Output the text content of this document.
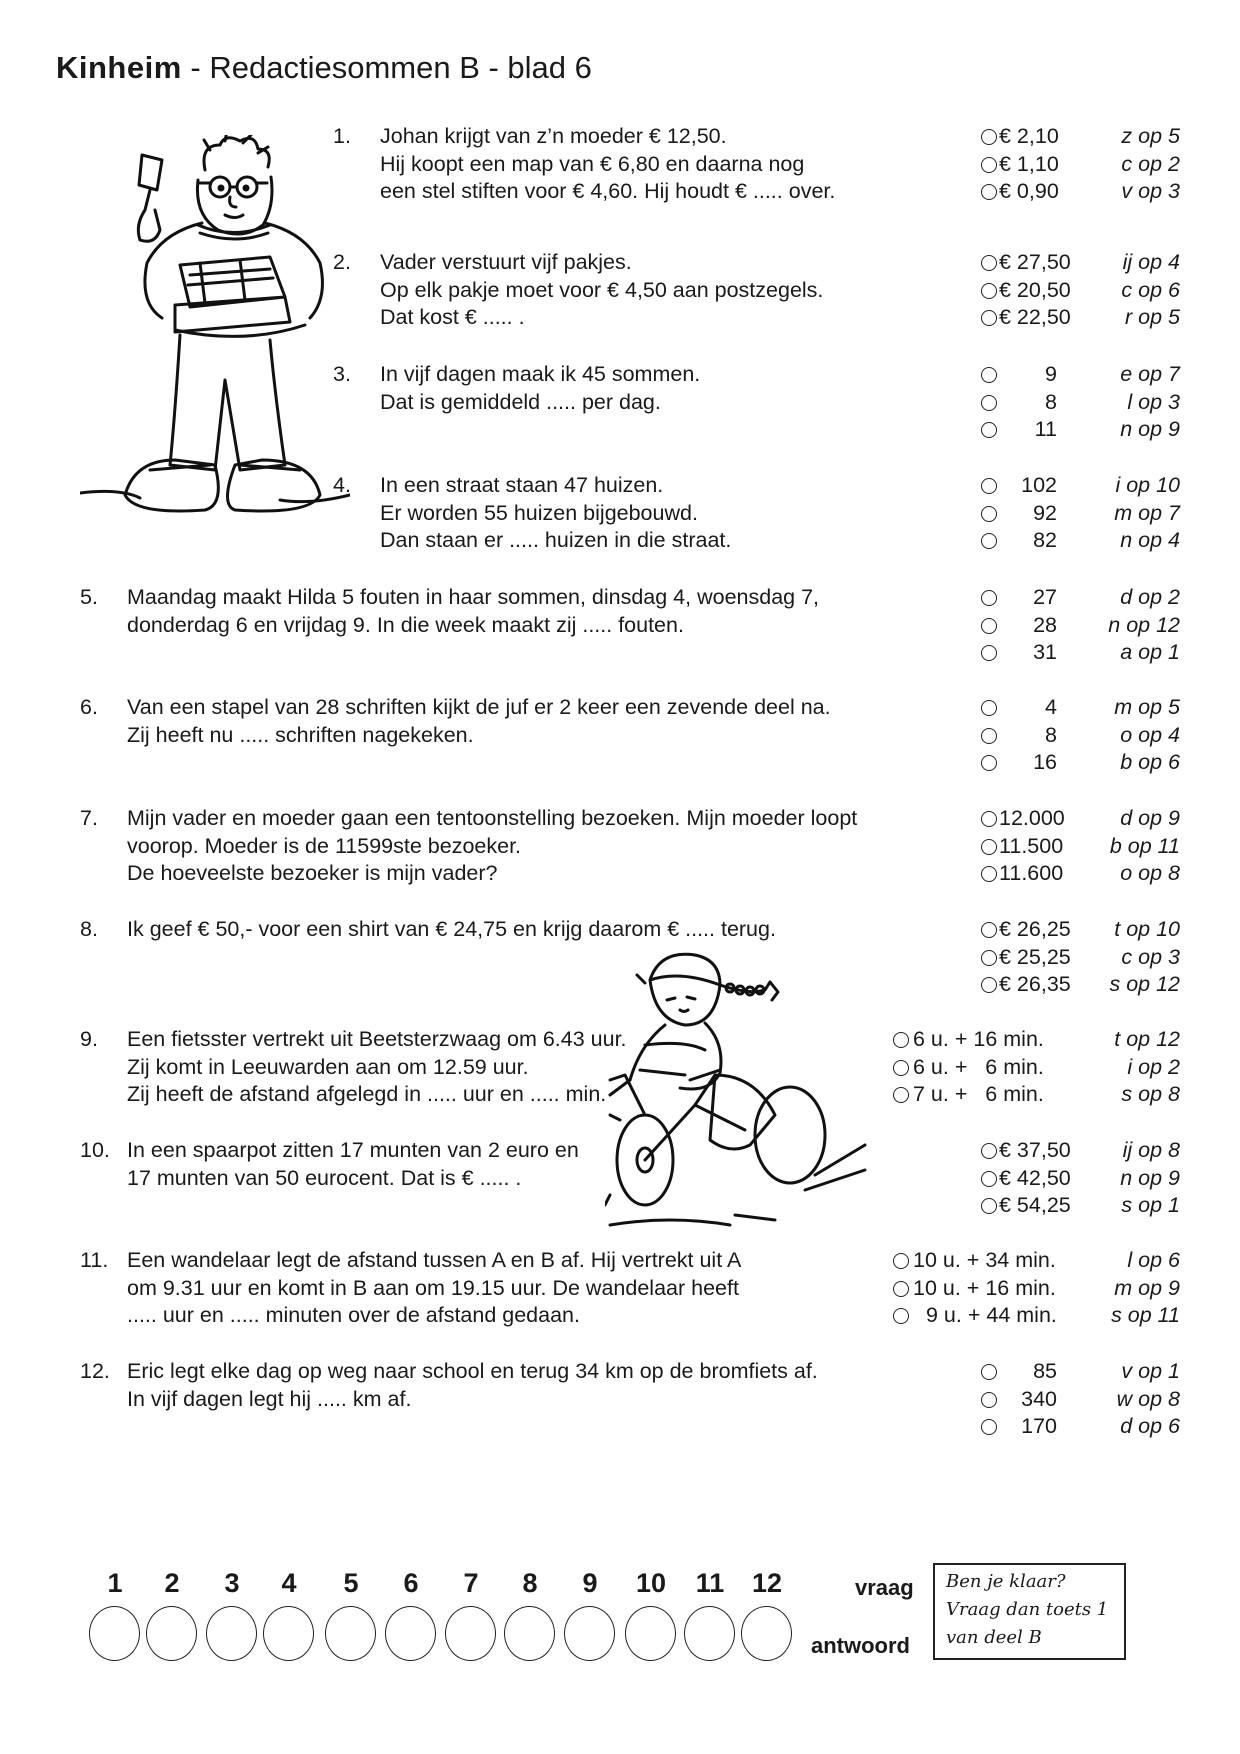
Kinheim - Redactiesommen B - blad 6
1. Johan krijgt van z’n moeder € 12,50.
Hij koopt een map van € 6,80 en daarna nog
een stel stiften voor € 4,60. Hij houdt € ..... over.
2. Vader verstuurt vijf pakjes.
Op elk pakje moet voor € 4,50 aan postzegels.
Dat kost € ..... .
3. In vijf dagen maak ik 45 sommen.
Dat is gemiddeld ..... per dag.
4. In een straat staan 47 huizen.
Er worden 55 huizen bijgebouwd.
Dan staan er ..... huizen in die straat.
5. Maandag maakt Hilda 5 fouten in haar sommen, dinsdag 4, woensdag 7,
donderdag 6 en vrijdag 9. In die week maakt zij ..... fouten.
6. Van een stapel van 28 schriften kijkt de juf er 2 keer een zevende deel na.
Zij heeft nu ..... schriften nagekeken.
7. Mijn vader en moeder gaan een tentoonstelling bezoeken. Mijn moeder loopt
voorop. Moeder is de 11599ste bezoeker.
De hoeveelste bezoeker is mijn vader?
8. Ik geef € 50,- voor een shirt van € 24,75 en krijg daarom € ..... terug.
9. Een fietsster vertrekt uit Beetsterzwaag om 6.43 uur.
Zij komt in Leeuwarden aan om 12.59 uur.
Zij heeft de afstand afgelegd in ..... uur en ..... min.
10. In een spaarpot zitten 17 munten van 2 euro en
17 munten van 50 eurocent. Dat is € ..... .
11. Een wandelaar legt de afstand tussen A en B af. Hij vertrekt uit A
om 9.31 uur en komt in B aan om 19.15 uur. De wandelaar heeft
..... uur en ..... minuten over de afstand gedaan.
12. Eric legt elke dag op weg naar school en terug 34 km op de bromfiets af.
In vijf dagen legt hij ..... km af.
€ 2,10	z op 5
€ 1,10	c op 2
€ 0,90	v op 3
€ 27,50 ij op 4
€ 20,50 c op 6
€ 22,50	r op 5
9	e op 7
8	l op 3
11	n op 9
102	i op 10
92	m op 7
82	n op 4
27	d op 2
28 n op 12
31	a op 1
4	m op 5
8	o op 4
16	b op 6
12.000	d op 9
11.500 b op 11
11.600	o op 8
€ 26,25 t op 10
€ 25,25 c op 3
€ 26,35 s op 12
6 u. + 16 min.	t op 12
6 u. +   6 min.	i op 2
7 u. +   6 min.	s op 8
€ 37,50 ij op 8
€ 42,50 n op 9
€ 54,25 s op 1
10 u. + 34 min.	l op 6
10 u. + 16 min.	m op 9
9 u. + 44 min.	s op 11
85	v op 1
340	w op 8
170	d op 6
1	2	3	4	5	6	7	8	9	10 11 12	vraag
antwoord
Ben je klaar?
Vraag dan toets 1
van deel B
